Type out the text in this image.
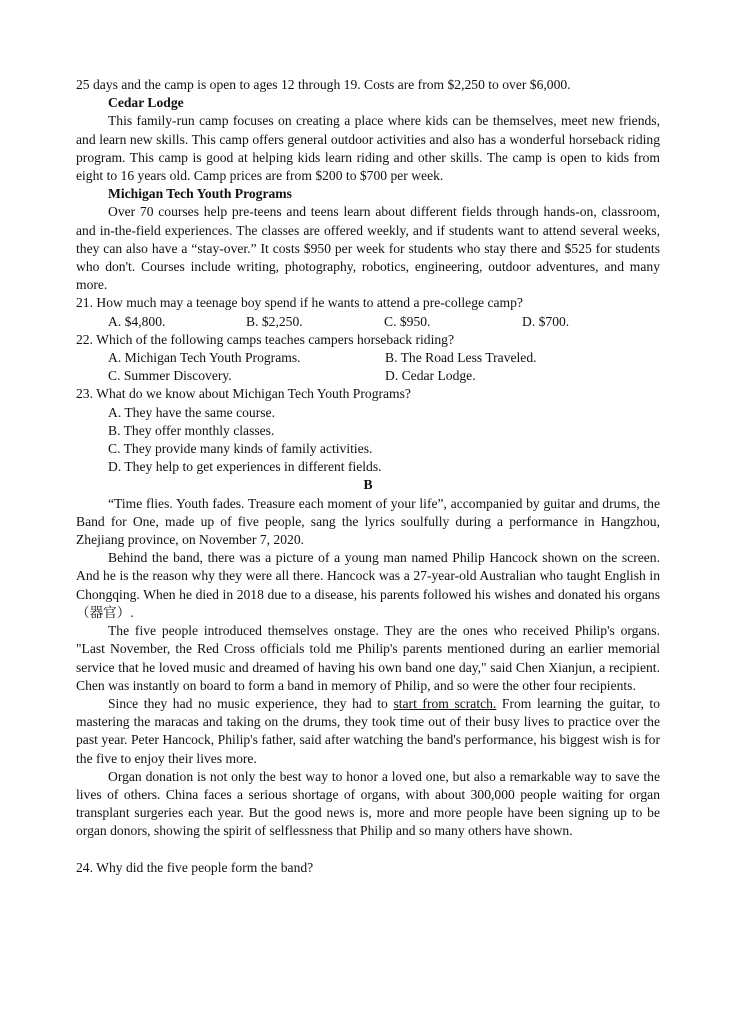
25 days and the camp is open to ages 12 through 19. Costs are from $2,250 to over $6,000.

Cedar Lodge

This family-run camp focuses on creating a place where kids can be themselves, meet new friends, and learn new skills. This camp offers general outdoor activities and also has a wonderful horseback riding program. This camp is good at helping kids learn riding and other skills. The camp is open to kids from eight to 16 years old. Camp prices are from $200 to $700 per week.

Michigan Tech Youth Programs

Over 70 courses help pre-teens and teens learn about different fields through hands-on, classroom, and in-the-field experiences. The classes are offered weekly, and if students want to attend several weeks, they can also have a “stay-over.” It costs $950 per week for students who stay there and $525 for students who don't. Courses include writing, photography, robotics, engineering, outdoor adventures, and many more.

21. How much may a teenage boy spend if he wants to attend a pre-college camp?

A. $4,800.	B. $2,250.	C. $950.	D. $700.

22. Which of the following camps teaches campers horseback riding?

A. Michigan Tech Youth Programs.	B. The Road Less Traveled.
C. Summer Discovery.	D. Cedar Lodge.

23. What do we know about Michigan Tech Youth Programs?

A. They have the same course.

B. They offer monthly classes.

C. They provide many kinds of family activities.

D. They help to get experiences in different fields.

B

“Time flies. Youth fades. Treasure each moment of your life”, accompanied by guitar and drums, the Band for One, made up of five people, sang the lyrics soulfully during a performance in Hangzhou, Zhejiang province, on November 7, 2020.

Behind the band, there was a picture of a young man named Philip Hancock shown on the screen. And he is the reason why they were all there. Hancock was a 27-year-old Australian who taught English in Chongqing. When he died in 2018 due to a disease, his parents followed his wishes and donated his organs（器官）.

The five people introduced themselves onstage. They are the ones who received Philip's organs. "Last November, the Red Cross officials told me Philip's parents mentioned during an earlier memorial service that he loved music and dreamed of having his own band one day," said Chen Xianjun, a recipient. Chen was instantly on board to form a band in memory of Philip, and so were the other four recipients.

Since they had no music experience, they had to start from scratch. From learning the guitar, to mastering the maracas and taking on the drums, they took time out of their busy lives to practice over the past year. Peter Hancock, Philip's father, said after watching the band's performance, his biggest wish is for the five to enjoy their lives more.

Organ donation is not only the best way to honor a loved one, but also a remarkable way to save the lives of others. China faces a serious shortage of organs, with about 300,000 people waiting for organ transplant surgeries each year. But the good news is, more and more people have been signing up to be organ donors, showing the spirit of selflessness that Philip and so many others have shown.

24. Why did the five people form the band?
